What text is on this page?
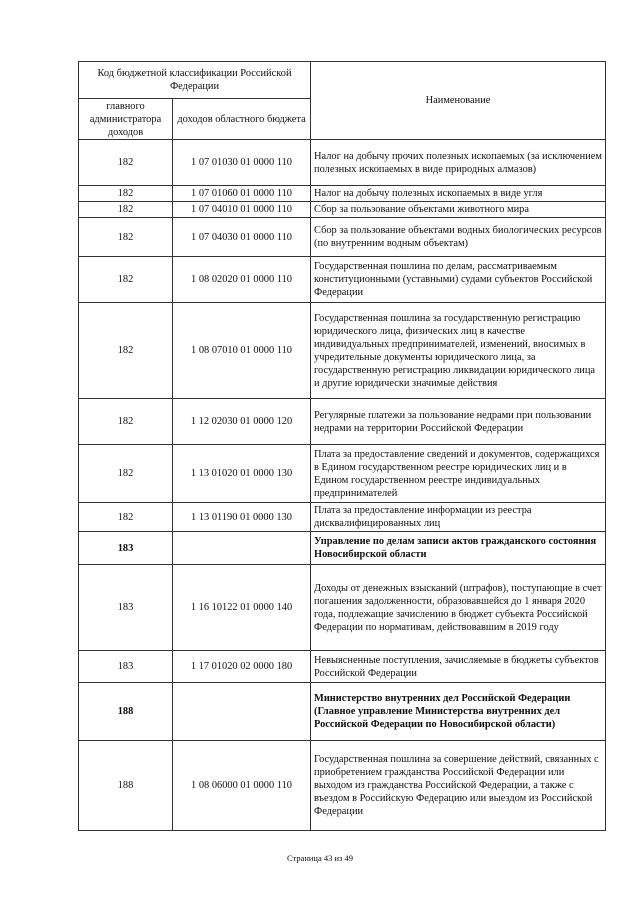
Код бюджетной классификации Российской Федерации		Наименование
главного администратора доходов	доходов областного бюджета	
182	1 07 01030 01 0000 110	Налог на добычу прочих полезных ископаемых (за исключением полезных ископаемых в виде природных алмазов)
182	1 07 01060 01 0000 110	Налог на добычу полезных ископаемых в виде угля
182	1 07 04010 01 0000 110	Сбор за пользование объектами животного мира
182	1 07 04030 01 0000 110	Сбор за пользование объектами водных биологических ресурсов (по внутренним водным объектам)
182	1 08 02020 01 0000 110	Государственная пошлина по делам, рассматриваемым конституционными (уставными) судами субъектов Российской Федерации
182	1 08 07010 01 0000 110	Государственная пошлина за государственную регистрацию юридического лица, физических лиц в качестве индивидуальных предпринимателей, изменений, вносимых в учредительные документы юридического лица, за государственную регистрацию ликвидации юридического лица и другие юридически значимые действия
182	1 12 02030 01 0000 120	Регулярные платежи за пользование недрами при пользовании недрами на территории Российской Федерации
182	1 13 01020 01 0000 130	Плата за предоставление сведений и документов, содержащихся в Едином государственном реестре юридических лиц и в Едином государственном реестре индивидуальных предпринимателей
182	1 13 01190 01 0000 130	Плата за предоставление информации из реестра дисквалифицированных лиц
183		Управление по делам записи актов гражданского состояния Новосибирской области
183	1 16 10122 01 0000 140	Доходы от денежных взысканий (штрафов), поступающие в счет погашения задолженности, образовавшейся до 1 января 2020 года, подлежащие зачислению в бюджет субъекта Российской Федерации по нормативам, действовавшим в 2019 году
183	1 17 01020 02 0000 180	Невыясненные поступления, зачисляемые в бюджеты субъектов Российской Федерации
188		Министерство внутренних дел Российской Федерации (Главное управление Министерства внутренних дел Российской Федерации по Новосибирской области)
188	1 08 06000 01 0000 110	Государственная пошлина за совершение действий, связанных с приобретением гражданства Российской Федерации или выходом из гражданства Российской Федерации, а также с въездом в Российскую Федерацию или выездом из Российской Федерации
Страница 43 из 49
